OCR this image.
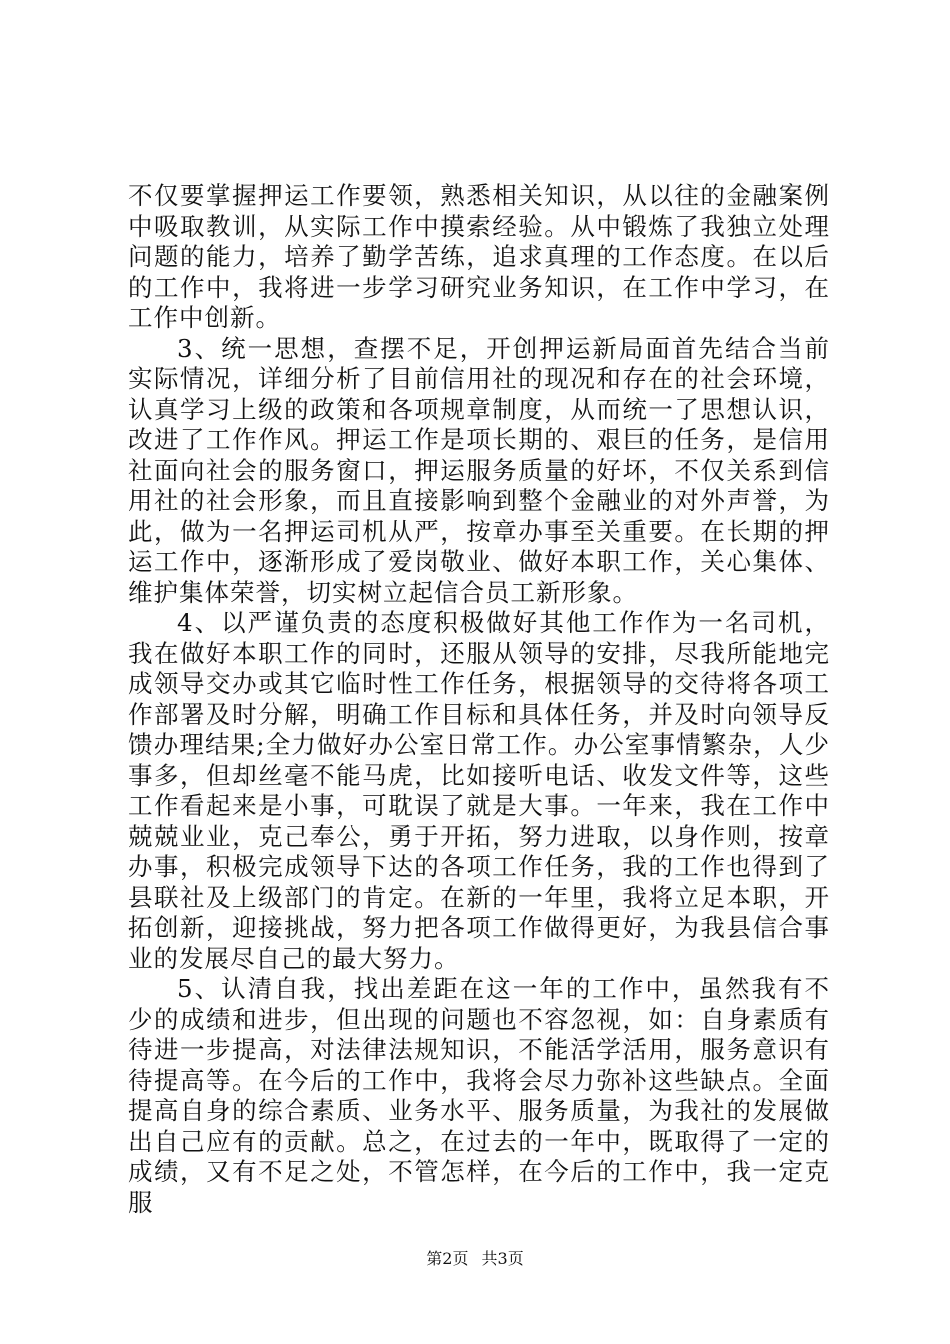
不仅要掌握押运工作要领，熟悉相关知识，从以往的金融案例中吸取教训，从实际工作中摸索经验。从中锻炼了我独立处理问题的能力，培养了勤学苦练，追求真理的工作态度。在以后的工作中，我将进一步学习研究业务知识，在工作中学习，在工作中创新。

3、统一思想，查摆不足，开创押运新局面首先结合当前实际情况，详细分析了目前信用社的现况和存在的社会环境，认真学习上级的政策和各项规章制度，从而统一了思想认识，改进了工作作风。押运工作是项长期的、艰巨的任务，是信用社面向社会的服务窗口，押运服务质量的好坏，不仅关系到信用社的社会形象，而且直接影响到整个金融业的对外声誉，为此，做为一名押运司机从严，按章办事至关重要。在长期的押运工作中，逐渐形成了爱岗敬业、做好本职工作，关心集体、维护集体荣誉，切实树立起信合员工新形象。

4、以严谨负责的态度积极做好其他工作作为一名司机，我在做好本职工作的同时，还服从领导的安排，尽我所能地完成领导交办或其它临时性工作任务，根据领导的交待将各项工作部署及时分解，明确工作目标和具体任务，并及时向领导反馈办理结果;全力做好办公室日常工作。办公室事情繁杂，人少事多，但却丝毫不能马虎，比如接听电话、收发文件等，这些工作看起来是小事，可耽误了就是大事。一年来，我在工作中兢兢业业，克己奉公，勇于开拓，努力进取，以身作则，按章办事，积极完成领导下达的各项工作任务，我的工作也得到了县联社及上级部门的肯定。在新的一年里，我将立足本职，开拓创新，迎接挑战，努力把各项工作做得更好，为我县信合事业的发展尽自己的最大努力。

5、认清自我，找出差距在这一年的工作中，虽然我有不少的成绩和进步，但出现的问题也不容忽视，如：自身素质有待进一步提高，对法律法规知识，不能活学活用，服务意识有待提高等。在今后的工作中，我将会尽力弥补这些缺点。全面提高自身的综合素质、业务水平、服务质量，为我社的发展做出自己应有的贡献。总之，在过去的一年中，既取得了一定的成绩，又有不足之处，不管怎样，在今后的工作中，我一定克服

第2页 共3页
